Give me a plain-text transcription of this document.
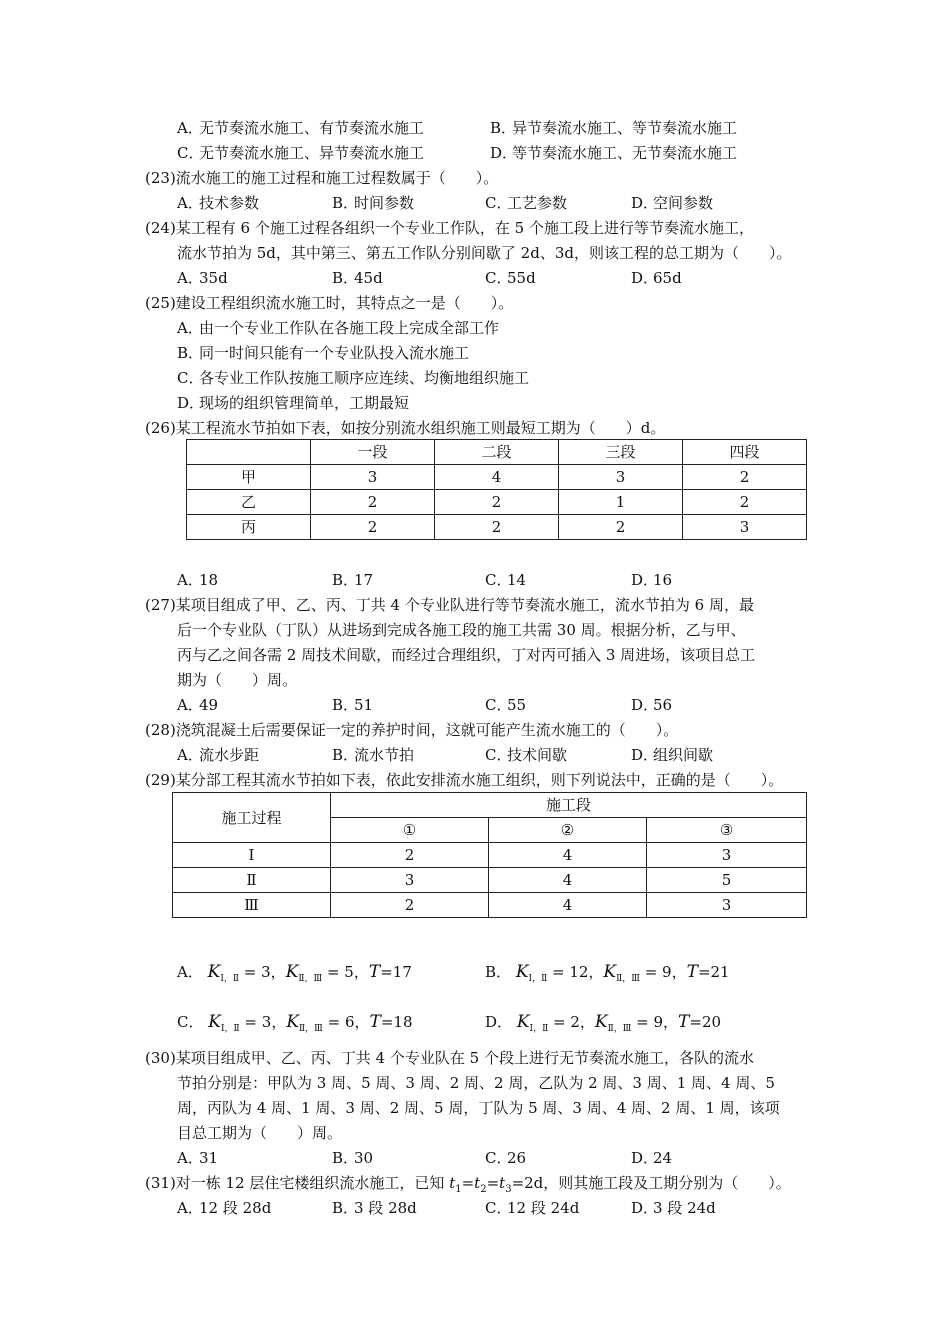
A．无节奏流水施工、有节奏流水施工	B．异节奏流水施工、等节奏流水施工
C．无节奏流水施工、异节奏流水施工	D．等节奏流水施工、无节奏流水施工
(23)流水施工的施工过程和施工过程数属于（　　）。
A．技术参数	B．时间参数	C．工艺参数	D．空间参数
(24)某工程有 6 个施工过程各组织一个专业工作队，在 5 个施工段上进行等节奏流水施工，
流水节拍为 5d，其中第三、第五工作队分别间歇了 2d、3d，则该工程的总工期为（　　）。
A．35d	B．45d	C．55d	D．65d
(25)建设工程组织流水施工时，其特点之一是（　　）。
A．由一个专业工作队在各施工段上完成全部工作
B．同一时间只能有一个专业队投入流水施工
C．各专业工作队按施工顺序应连续、均衡地组织施工
D．现场的组织管理简单，工期最短
(26)某工程流水节拍如下表，如按分别流水组织施工则最短工期为（　　）d。
	一段	二段	三段	四段
甲	3	4	3	2
乙	2	2	1	2
丙	2	2	2	3
A．18	B．17	C．14	D．16
(27)某项目组成了甲、乙、丙、丁共 4 个专业队进行等节奏流水施工，流水节拍为 6 周，最
后一个专业队（丁队）从进场到完成各施工段的施工共需 30 周。根据分析，乙与甲、
丙与乙之间各需 2 周技术间歇，而经过合理组织，丁对丙可插入 3 周进场，该项目总工
期为（　　）周。
A．49	B．51	C．55	D．56
(28)浇筑混凝土后需要保证一定的养护时间，这就可能产生流水施工的（　　）。
A．流水步距	B．流水节拍	C．技术间歇	D．组织间歇
(29)某分部工程其流水节拍如下表，依此安排流水施工组织，则下列说法中，正确的是（　　）。
施工过程	施工段		
	①	②	③
Ⅰ	2	4	3
Ⅱ	3	4	5
Ⅲ	2	4	3
A． $K_{Ⅰ,Ⅱ} = 3$，$K_{Ⅱ,Ⅲ} = 5$，T=17	B． $K_{Ⅰ,Ⅱ} = 12$，$K_{Ⅱ,Ⅲ} = 9$，T=21
C． $K_{Ⅰ,Ⅱ} = 3$，$K_{Ⅱ,Ⅲ} = 6$，T=18	D． $K_{Ⅰ,Ⅱ} = 2$，$K_{Ⅱ,Ⅲ} = 9$，T=20
(30)某项目组成甲、乙、丙、丁共 4 个专业队在 5 个段上进行无节奏流水施工，各队的流水
节拍分别是：甲队为 3 周、5 周、3 周、2 周、2 周，乙队为 2 周、3 周、1 周、4 周、5
周，丙队为 4 周、1 周、3 周、2 周、5 周，丁队为 5 周、3 周、4 周、2 周、1 周，该项
目总工期为（　　）周。
A．31	B．30	C．26	D．24
(31)对一栋 12 层住宅楼组织流水施工，已知 $t_1=t_2=t_3=2d$，则其施工段及工期分别为（　　）。
A．12 段 28d	B．3 段 28d	C．12 段 24d	D．3 段 24d
